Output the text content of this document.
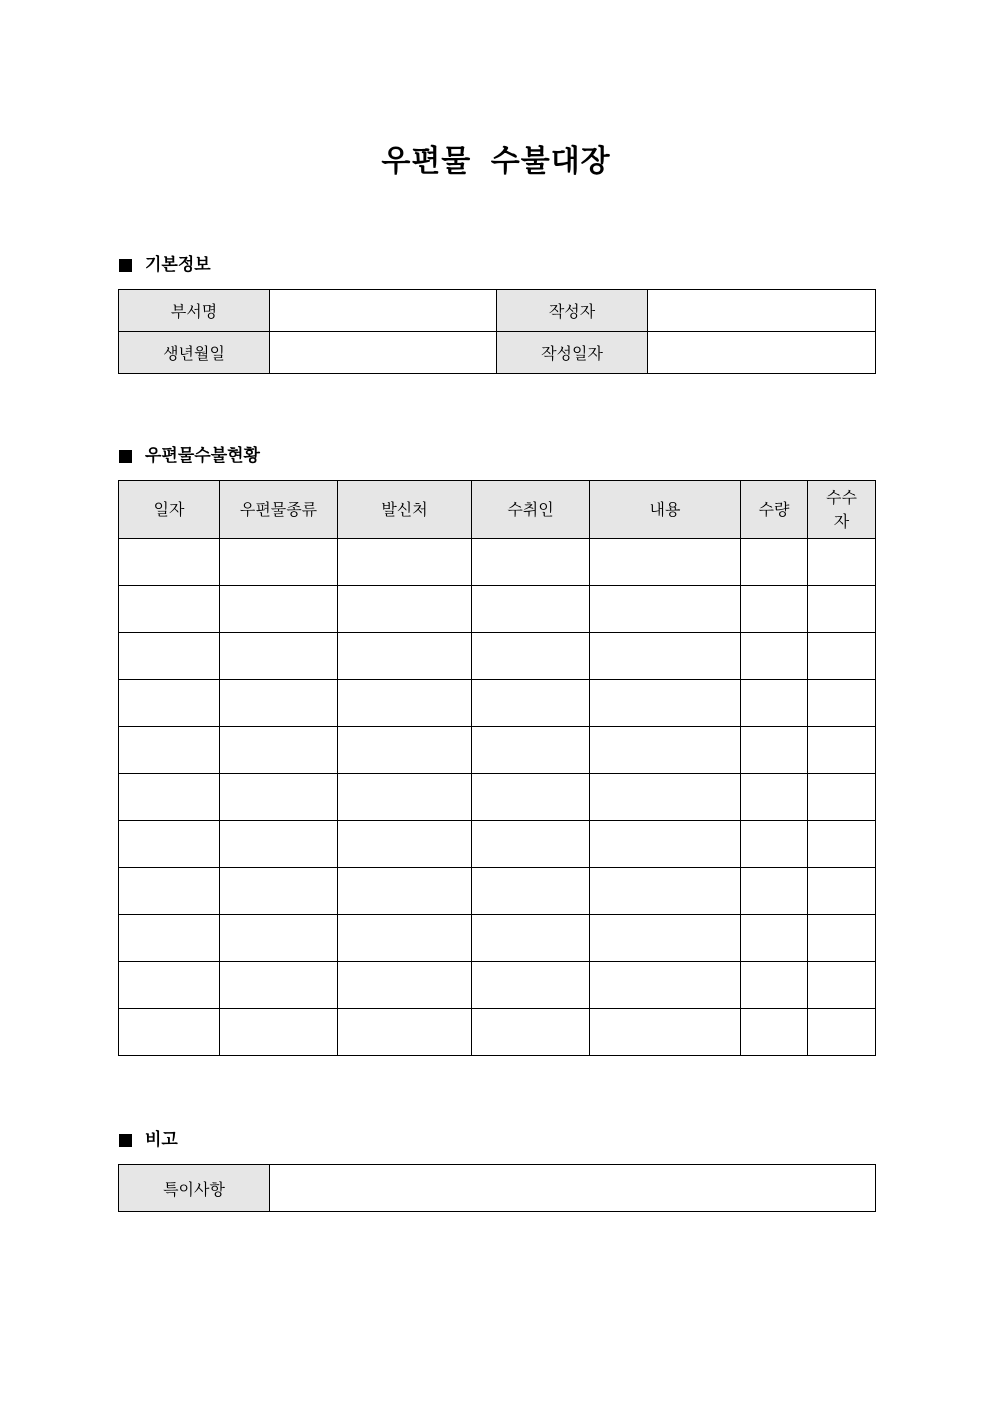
우편물 수불대장
기본정보
부서명		작성자	
생년월일		작성일자	
우편물수불현황
일자	우편물종류	발신처	수취인	내용	수량	수수자

비고
특이사항	
